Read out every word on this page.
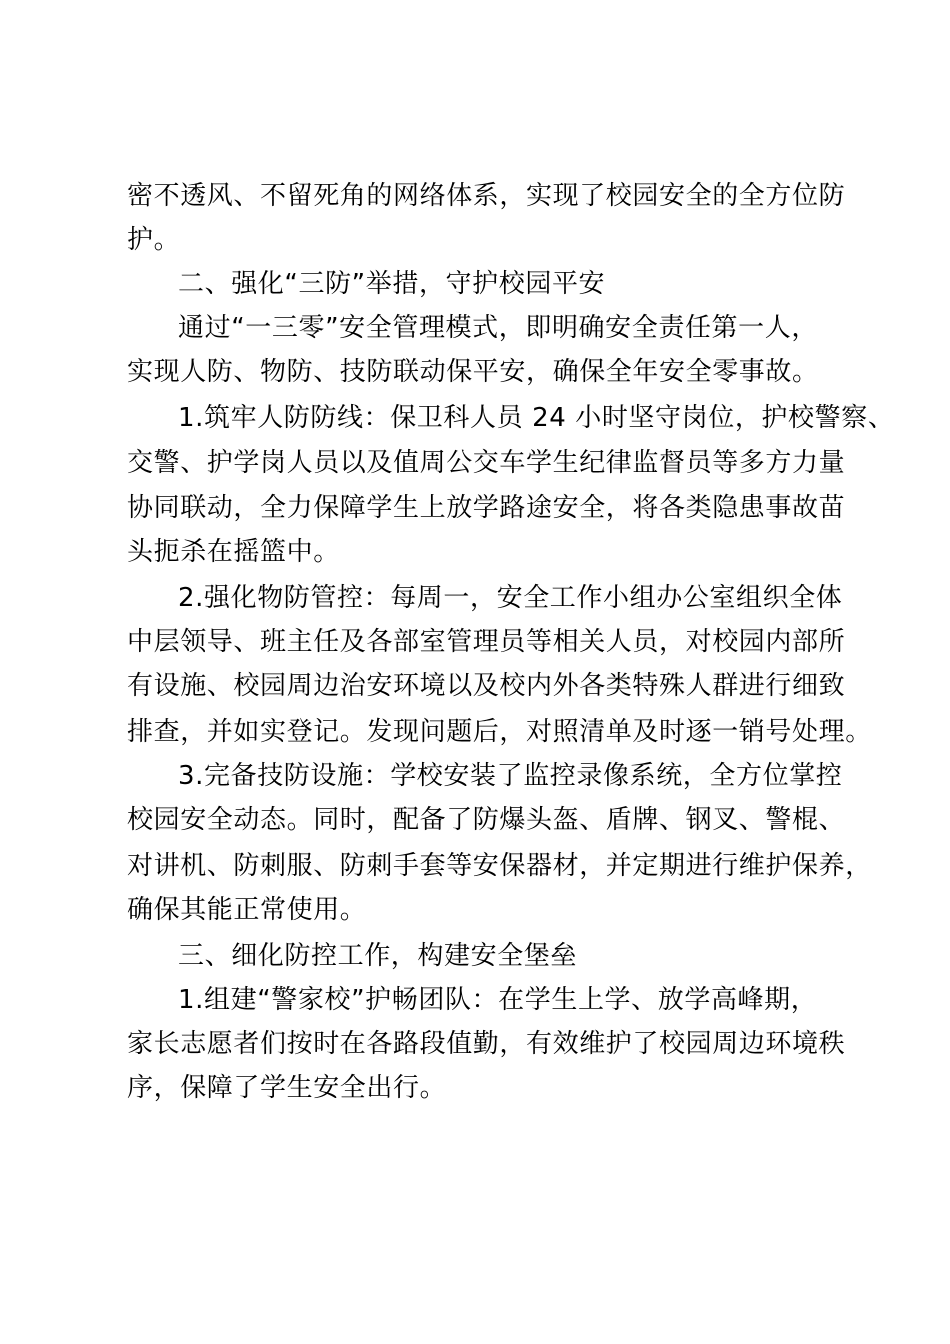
密不透风、不留死角的网络体系，实现了校园安全的全方位防

护。

二、强化“三防”举措，守护校园平安

通过“一三零”安全管理模式，即明确安全责任第一人，

实现人防、物防、技防联动保平安，确保全年安全零事故。

1.筑牢人防防线：保卫科人员 24 小时坚守岗位，护校警察、

交警、护学岗人员以及值周公交车学生纪律监督员等多方力量

协同联动，全力保障学生上放学路途安全，将各类隐患事故苗

头扼杀在摇篮中。

2.强化物防管控：每周一，安全工作小组办公室组织全体

中层领导、班主任及各部室管理员等相关人员，对校园内部所

有设施、校园周边治安环境以及校内外各类特殊人群进行细致

排查，并如实登记。发现问题后，对照清单及时逐一销号处理。

3.完备技防设施：学校安装了监控录像系统，全方位掌控

校园安全动态。同时，配备了防爆头盔、盾牌、钢叉、警棍、

对讲机、防刺服、防刺手套等安保器材，并定期进行维护保养，

确保其能正常使用。

三、细化防控工作，构建安全堡垒

1.组建“警家校”护畅团队：在学生上学、放学高峰期，

家长志愿者们按时在各路段值勤，有效维护了校园周边环境秩

序，保障了学生安全出行。
